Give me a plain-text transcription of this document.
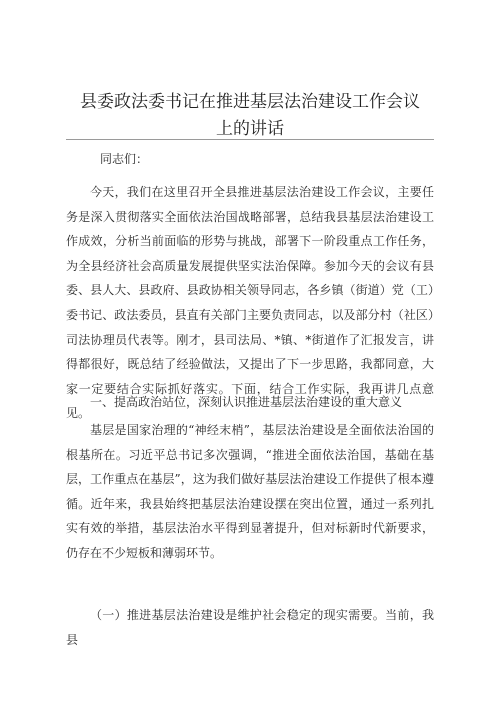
县委政法委书记在推进基层法治建设工作会议
上的讲话

同志们：

今天，我们在这里召开全县推进基层法治建设工作会议，主要任务是深入贯彻落实全面依法治国战略部署，总结我县基层法治建设工作成效，分析当前面临的形势与挑战，部署下一阶段重点工作任务，为全县经济社会高质量发展提供坚实法治保障。参加今天的会议有县委、县人大、县政府、县政协相关领导同志，各乡镇（街道）党（工）委书记、政法委员，县直有关部门主要负责同志，以及部分村（社区）司法协理员代表等。刚才，县司法局、*镇、*街道作了汇报发言，讲得都很好，既总结了经验做法，又提出了下一步思路，我都同意，大家一定要结合实际抓好落实。下面，结合工作实际，我再讲几点意见。

一、提高政治站位，深刻认识推进基层法治建设的重大意义

基层是国家治理的“神经末梢”，基层法治建设是全面依法治国的根基所在。习近平总书记多次强调，“推进全面依法治国，基础在基层，工作重点在基层”，这为我们做好基层法治建设工作提供了根本遵循。近年来，我县始终把基层法治建设摆在突出位置，通过一系列扎实有效的举措，基层法治水平得到显著提升，但对标新时代新要求，仍存在不少短板和薄弱环节。

（一）推进基层法治建设是维护社会稳定的现实需要。当前，我县
